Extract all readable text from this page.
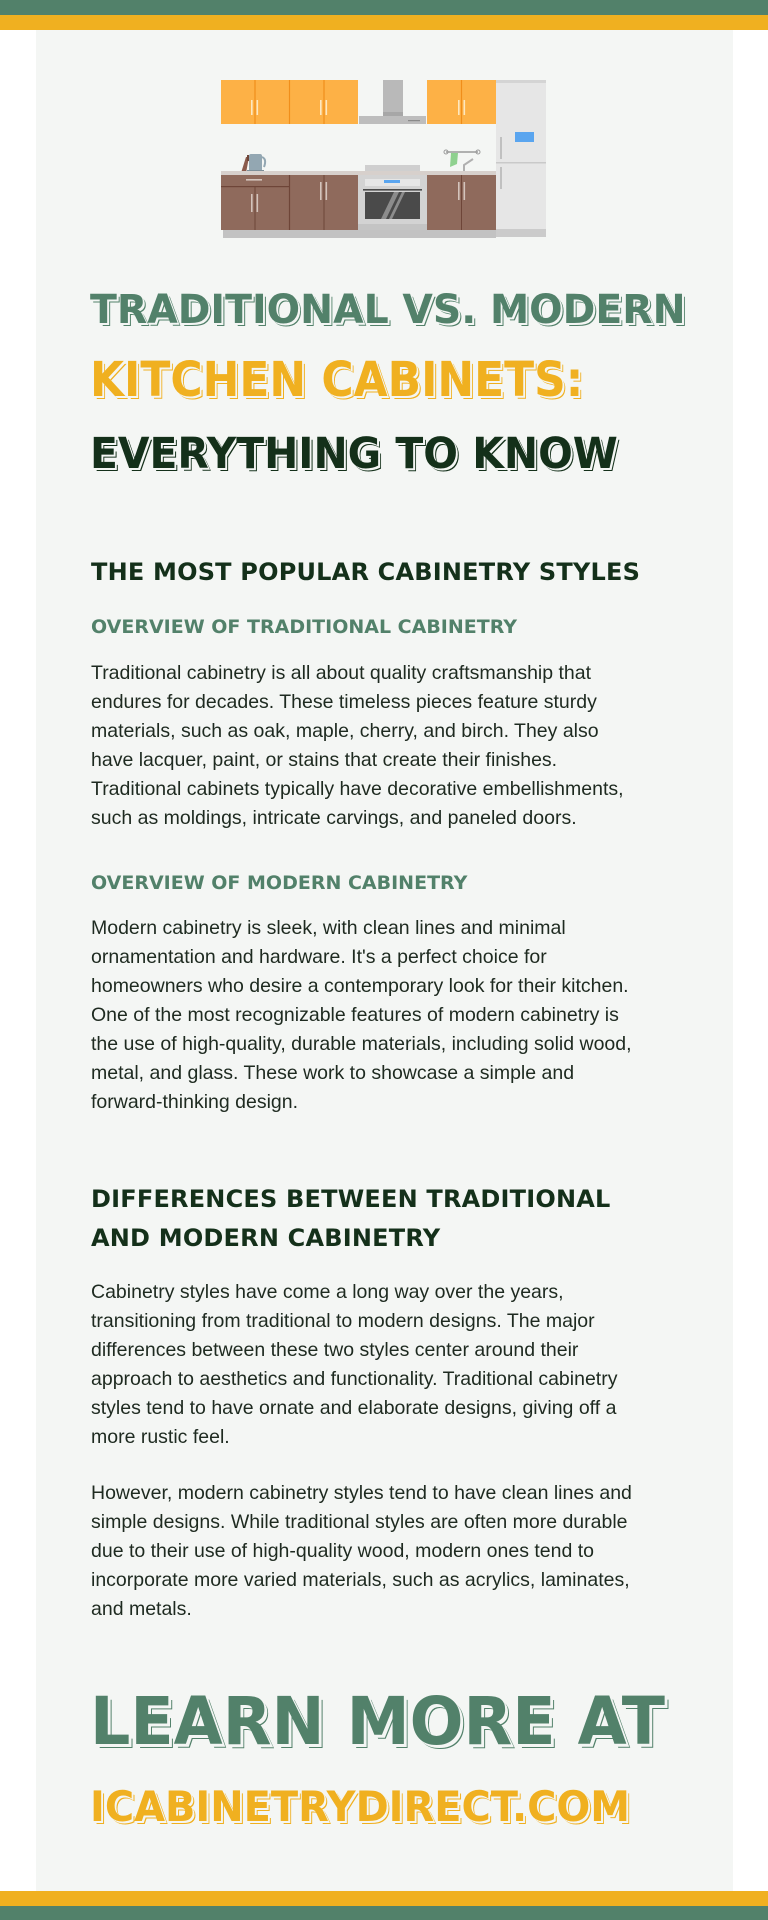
TRADITIONAL VS. MODERN
KITCHEN CABINETS:
EVERYTHING TO KNOW
THE MOST POPULAR CABINETRY STYLES
OVERVIEW OF TRADITIONAL CABINETRY
Traditional cabinetry is all about quality craftsmanship that
endures for decades. These timeless pieces feature sturdy
materials, such as oak, maple, cherry, and birch. They also
have lacquer, paint, or stains that create their finishes.
Traditional cabinets typically have decorative embellishments,
such as moldings, intricate carvings, and paneled doors.
OVERVIEW OF MODERN CABINETRY
Modern cabinetry is sleek, with clean lines and minimal
ornamentation and hardware. It's a perfect choice for
homeowners who desire a contemporary look for their kitchen.
One of the most recognizable features of modern cabinetry is
the use of high-quality, durable materials, including solid wood,
metal, and glass. These work to showcase a simple and
forward-thinking design.
DIFFERENCES BETWEEN TRADITIONAL
AND MODERN CABINETRY
Cabinetry styles have come a long way over the years,
transitioning from traditional to modern designs. The major
differences between these two styles center around their
approach to aesthetics and functionality. Traditional cabinetry
styles tend to have ornate and elaborate designs, giving off a
more rustic feel.
However, modern cabinetry styles tend to have clean lines and
simple designs. While traditional styles are often more durable
due to their use of high-quality wood, modern ones tend to
incorporate more varied materials, such as acrylics, laminates,
and metals.
LEARN MORE AT
ICABINETRYDIRECT.COM
